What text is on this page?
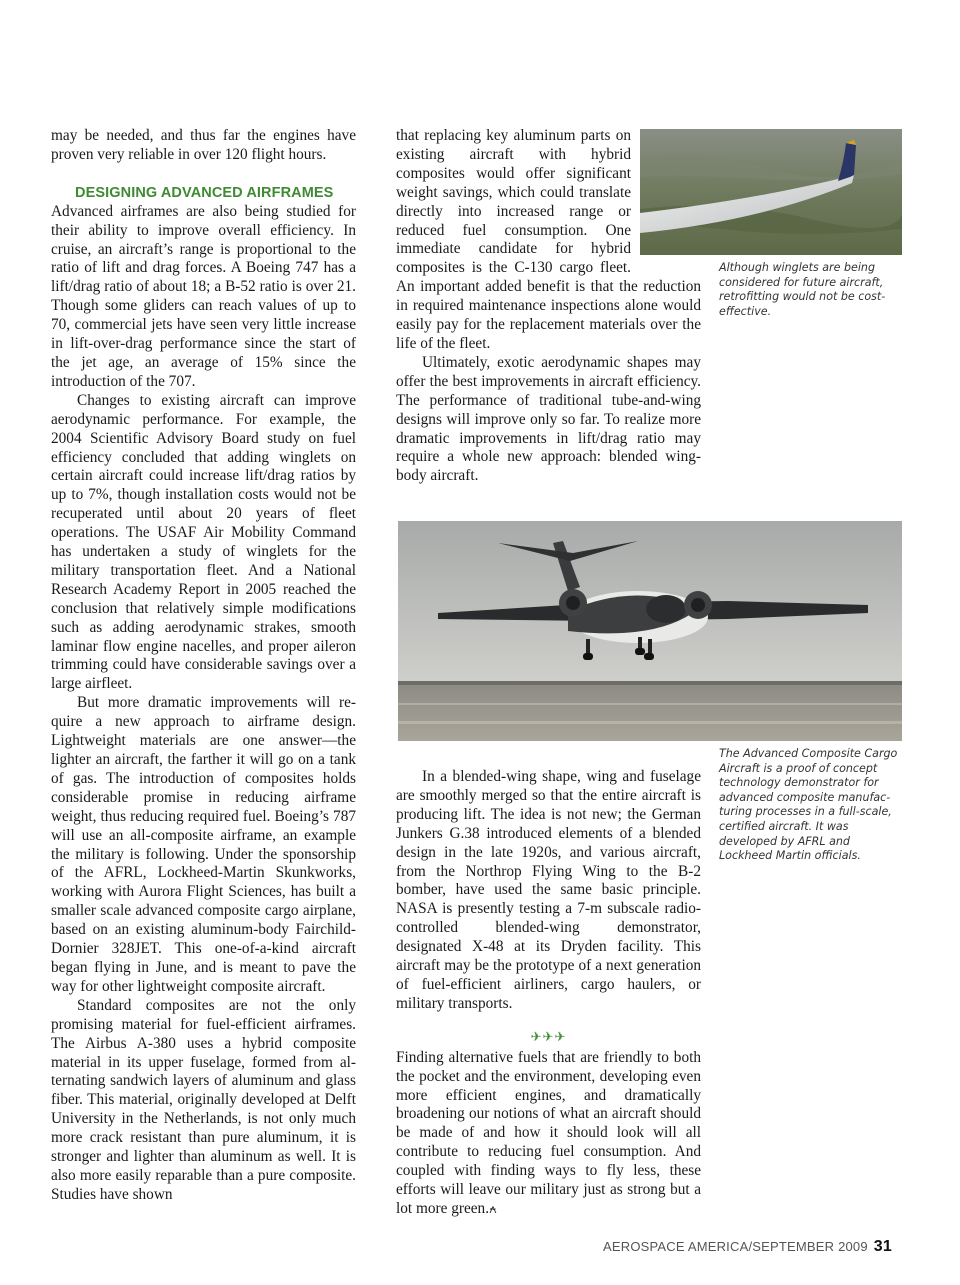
may be needed, and thus far the engines have proven very reliable in over 120 flight hours.

DESIGNING ADVANCED AIRFRAMES

Advanced airframes are also being studied for their ability to improve overall efficiency. In cruise, an aircraft’s range is proportional to the ratio of lift and drag forces. A Boeing 747 has a lift/drag ratio of about 18; a B-52 ratio is over 21. Though some gliders can reach values of up to 70, commercial jets have seen very little increase in lift-over-drag performance since the start of the jet age, an average of 15% since the introduction of the 707.

Changes to existing aircraft can improve aerodynamic performance. For example, the 2004 Scientific Advisory Board study on fuel efficiency concluded that adding winglets on certain aircraft could increase lift/drag ratios by up to 7%, though installation costs would not be recuperated until about 20 years of fleet operations. The USAF Air Mobility Command has undertaken a study of winglets for the military transportation fleet. And a National Research Academy Report in 2005 reached the conclusion that relatively simple modifications such as adding aerodynamic strakes, smooth laminar flow engine nacelles, and proper aileron trimming could have considerable savings over a large airfleet.

But more dramatic improvements will require a new approach to airframe design. Lightweight materials are one answer—the lighter an aircraft, the farther it will go on a tank of gas. The introduction of composites holds considerable promise in reducing airframe weight, thus reducing required fuel. Boeing’s 787 will use an all-composite airframe, an example the military is following. Under the sponsorship of the AFRL, Lockheed-Martin Skunkworks, working with Aurora Flight Sciences, has built a smaller scale advanced composite cargo airplane, based on an existing aluminum-body Fairchild-Dornier 328JET. This one-of-a-kind aircraft began flying in June, and is meant to pave the way for other lightweight composite aircraft.

Standard composites are not the only promising material for fuel-efficient airframes. The Airbus A-380 uses a hybrid composite material in its upper fuselage, formed from alternating sandwich layers of aluminum and glass fiber. This material, originally developed at Delft University in the Netherlands, is not only much more crack resistant than pure aluminum, it is stronger and lighter than aluminum as well. It is also more easily reparable than a pure composite. Studies have shown

that replacing key aluminum parts on existing aircraft with hybrid composites would offer significant weight savings, which could translate directly into increased range or reduced fuel consumption. One immediate candidate for hybrid composites is the C-130 cargo fleet. An important added benefit is that the reduction in required maintenance inspections alone would easily pay for the replacement materials over the life of the fleet.

Ultimately, exotic aerodynamic shapes may offer the best improvements in aircraft efficiency. The performance of traditional tube-and-wing designs will improve only so far. To realize more dramatic improvements in lift/drag ratio may require a whole new approach: blended wing-body aircraft.

Although winglets are being considered for future aircraft, retrofitting would not be cost-effective.
The Advanced Composite Cargo Aircraft is a proof of concept technology demonstrator for advanced composite manufacturing processes in a full-scale, certified aircraft. It was developed by AFRL and Lockheed Martin officials.

In a blended-wing shape, wing and fuselage are smoothly merged so that the entire aircraft is producing lift. The idea is not new; the German Junkers G.38 introduced elements of a blended design in the late 1920s, and various aircraft, from the Northrop Flying Wing to the B-2 bomber, have used the same basic principle. NASA is presently testing a 7-m subscale radio-controlled blended-wing demonstrator, designated X-48 at its Dryden facility. This aircraft may be the prototype of a next generation of fuel-efficient airliners, cargo haulers, or military transports.

✈✈✈

Finding alternative fuels that are friendly to both the pocket and the environment, developing even more efficient engines, and dramatically broadening our notions of what an aircraft should be made of and how it should look will all contribute to reducing fuel consumption. And coupled with finding ways to fly less, these efforts will leave our military just as strong but a lot more green.⍲

AEROSPACE AMERICA/SEPTEMBER 2009 31
